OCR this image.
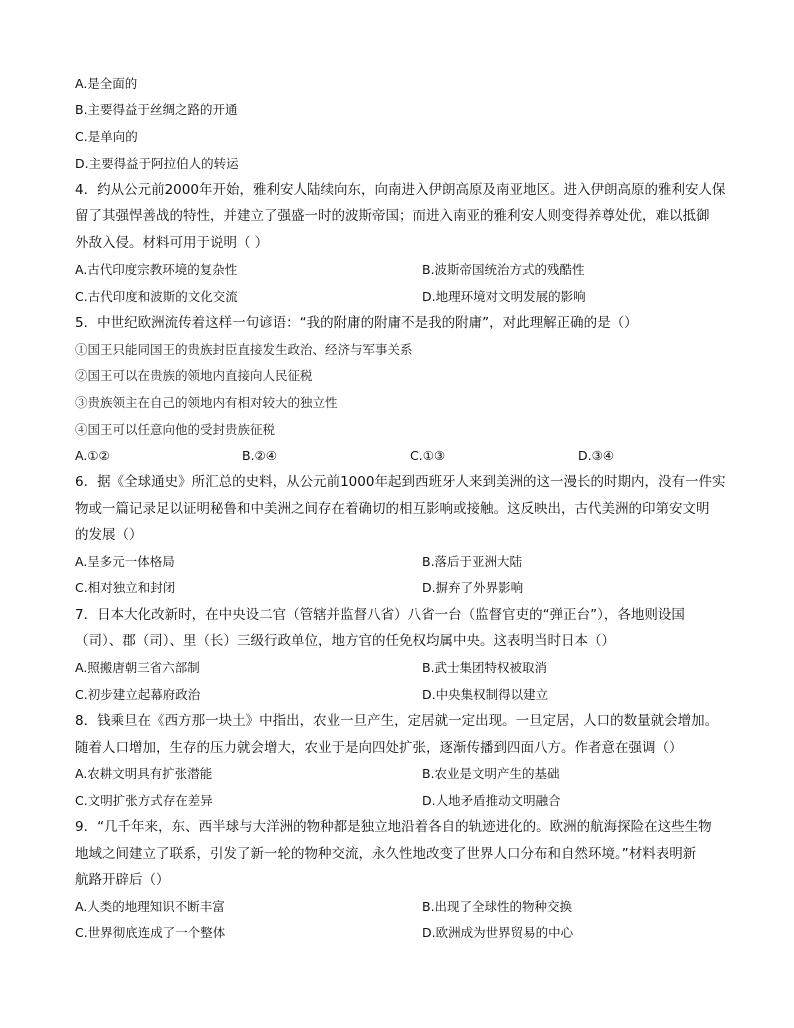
A.是全面的
B.主要得益于丝绸之路的开通
C.是单向的
D.主要得益于阿拉伯人的转运
4．约从公元前2000年开始，雅利安人陆续向东，向南进入伊朗高原及南亚地区。进入伊朗高原的雅利安人保
留了其强悍善战的特性，并建立了强盛一时的波斯帝国；而进入南亚的雅利安人则变得养尊处优，难以抵御
外敌入侵。材料可用于说明（ ）
A.古代印度宗教环境的复杂性	B.波斯帝国统治方式的残酷性
C.古代印度和波斯的文化交流	D.地理环境对文明发展的影响
5．中世纪欧洲流传着这样一句谚语：“我的附庸的附庸不是我的附庸”，对此理解正确的是（）
①国王只能同国王的贵族封臣直接发生政治、经济与军事关系
②国王可以在贵族的领地内直接向人民征税
③贵族领主在自己的领地内有相对较大的独立性
④国王可以任意向他的受封贵族征税
A.①②	B.②④	C.①③	D.③④
6．据《全球通史》所汇总的史料，从公元前1000年起到西班牙人来到美洲的这一漫长的时期内，没有一件实
物或一篇记录足以证明秘鲁和中美洲之间存在着确切的相互影响或接触。这反映出，古代美洲的印第安文明
的发展（）
A.呈多元一体格局	B.落后于亚洲大陆
C.相对独立和封闭	D.摒弃了外界影响
7．日本大化改新时，在中央设二官（管辖并监督八省）八省一台（监督官吏的“弹正台”），各地则设国
（司）、郡（司）、里（长）三级行政单位，地方官的任免权均属中央。这表明当时日本（）
A.照搬唐朝三省六部制	B.武士集团特权被取消
C.初步建立起幕府政治	D.中央集权制得以建立
8．钱乘旦在《西方那一块土》中指出，农业一旦产生，定居就一定出现。一旦定居，人口的数量就会增加。
随着人口增加，生存的压力就会增大，农业于是向四处扩张，逐渐传播到四面八方。作者意在强调（）
A.农耕文明具有扩张潜能	B.农业是文明产生的基础
C.文明扩张方式存在差异	D.人地矛盾推动文明融合
9．“几千年来，东、西半球与大洋洲的物种都是独立地沿着各自的轨迹进化的。欧洲的航海探险在这些生物
地域之间建立了联系，引发了新一轮的物种交流，永久性地改变了世界人口分布和自然环境。”材料表明新
航路开辟后（）
A.人类的地理知识不断丰富	B.出现了全球性的物种交换
C.世界彻底连成了一个整体	D.欧洲成为世界贸易的中心
